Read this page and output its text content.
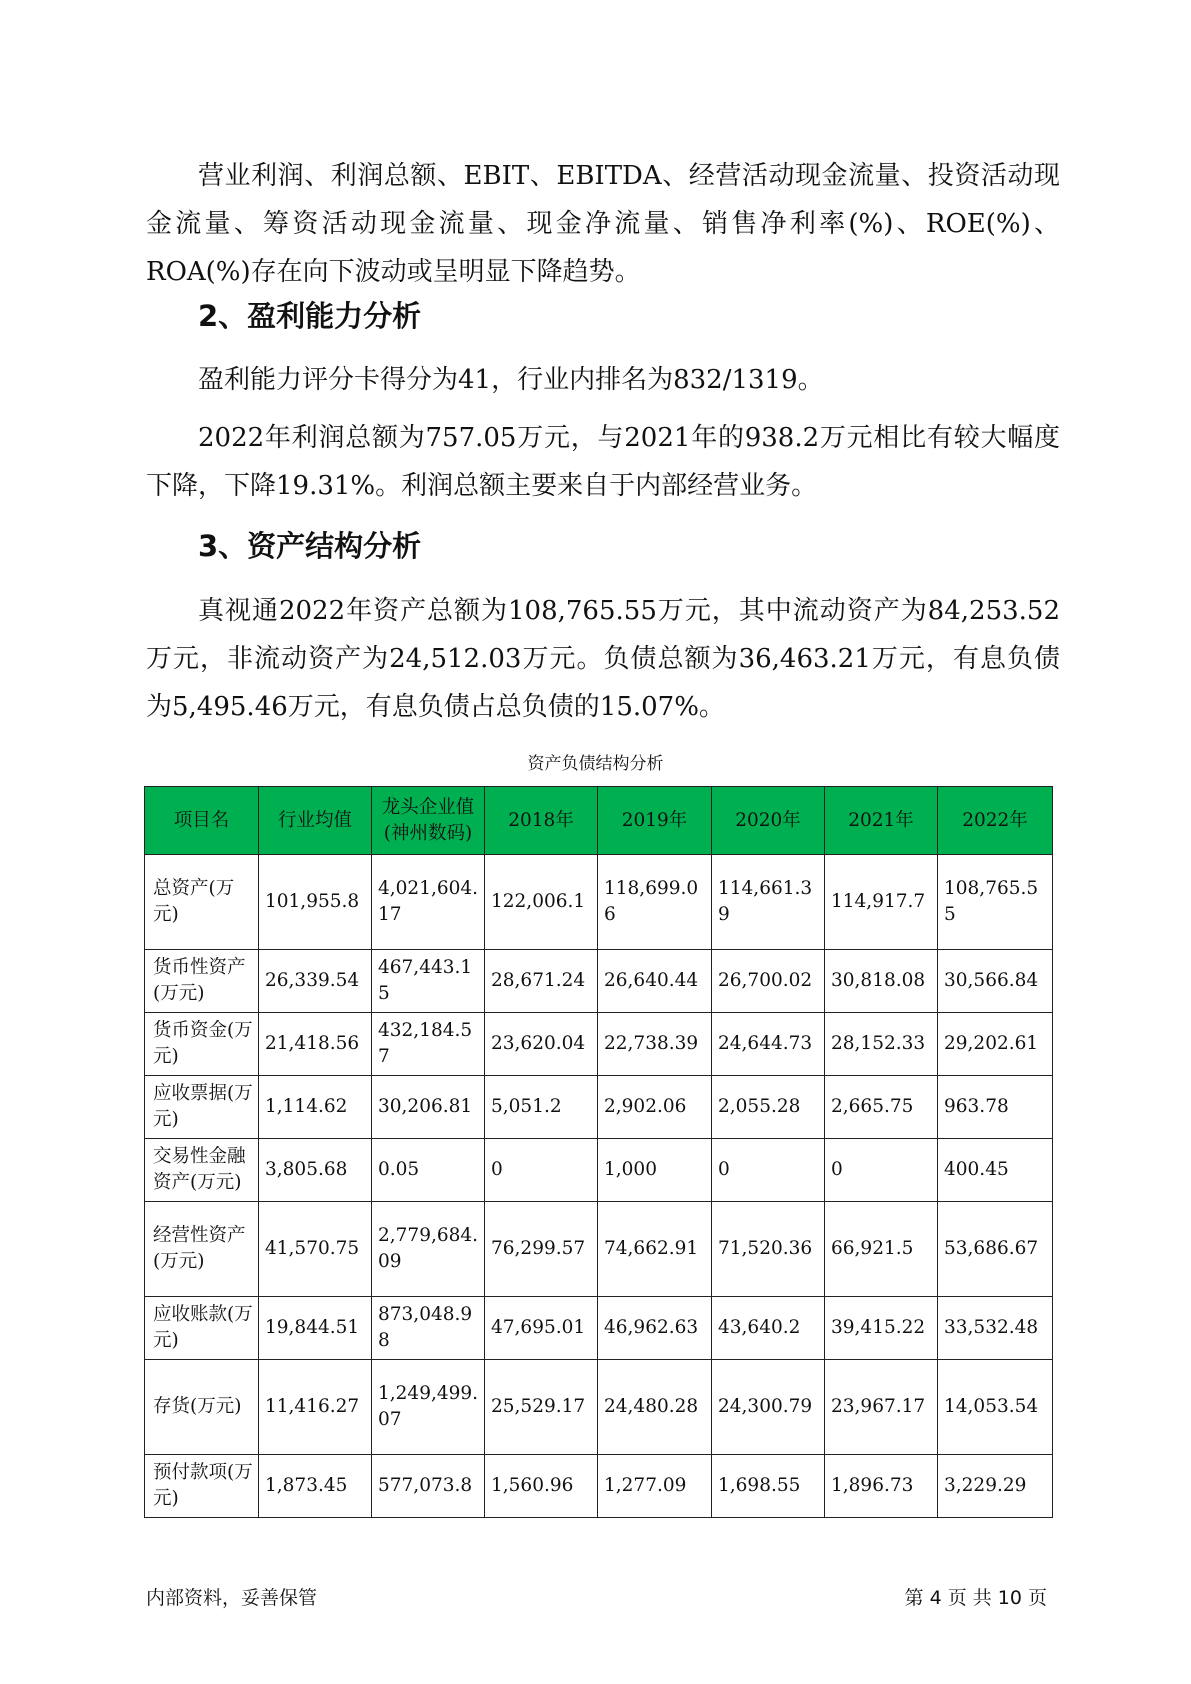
营业利润、利润总额、EBIT、EBITDA、经营活动现金流量、投资活动现金流量、筹资活动现金流量、现金净流量、销售净利率(%)、ROE(%)、ROA(%)存在向下波动或呈明显下降趋势。

2、盈利能力分析

盈利能力评分卡得分为41，行业内排名为832/1319。

2022年利润总额为757.05万元，与2021年的938.2万元相比有较大幅度下降，下降19.31%。利润总额主要来自于内部经营业务。

3、资产结构分析

真视通2022年资产总额为108,765.55万元，其中流动资产为84,253.52万元，非流动资产为24,512.03万元。负债总额为36,463.21万元，有息负债为5,495.46万元，有息负债占总负债的15.07%。

资产负债结构分析
项目名	行业均值	龙头企业值(神州数码)	2018年	2019年	2020年	2021年	2022年
总资产(万元)	101,955.8	4,021,604.17	122,006.1	118,699.06	114,661.39	114,917.7	108,765.55
货币性资产(万元)	26,339.54	467,443.15	28,671.24	26,640.44	26,700.02	30,818.08	30,566.84
货币资金(万元)	21,418.56	432,184.57	23,620.04	22,738.39	24,644.73	28,152.33	29,202.61
应收票据(万元)	1,114.62	30,206.81	5,051.2	2,902.06	2,055.28	2,665.75	963.78
交易性金融资产(万元)	3,805.68	0.05	0	1,000	0	0	400.45
经营性资产(万元)	41,570.75	2,779,684.09	76,299.57	74,662.91	71,520.36	66,921.5	53,686.67
应收账款(万元)	19,844.51	873,048.98	47,695.01	46,962.63	43,640.2	39,415.22	33,532.48
存货(万元)	11,416.27	1,249,499.07	25,529.17	24,480.28	24,300.79	23,967.17	14,053.54
预付款项(万元)	1,873.45	577,073.8	1,560.96	1,277.09	1,698.55	1,896.73	3,229.29
内部资料，妥善保管	第 4 页 共 10 页
